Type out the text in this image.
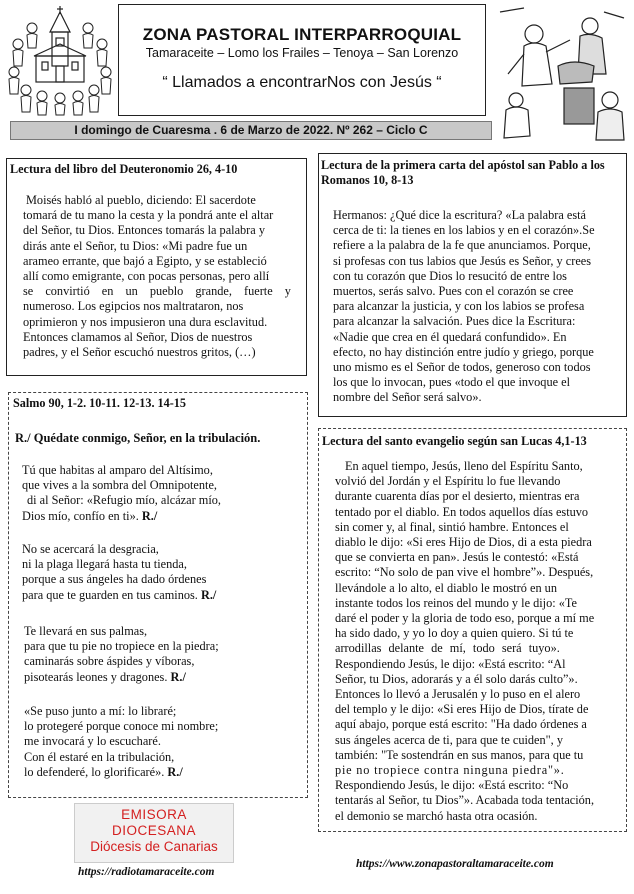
ZONA PASTORAL INTERPARROQUIAL
Tamaraceite – Lomo los Frailes – Tenoya – San Lorenzo
“ Llamados a encontrarNos con Jesús “
I domingo de Cuaresma . 6 de Marzo de 2022. Nº 262 – Ciclo C
Lectura del libro del Deuteronomio 26, 4-10
Moisés habló al pueblo, diciendo: El sacerdote
tomará de tu mano la cesta y la pondrá ante el altar
del Señor, tu Dios. Entonces tomarás la palabra y
dirás ante el Señor, tu Dios: «Mi padre fue un
arameo errante, que bajó a Egipto, y se estableció
allí como emigrante, con pocas personas, pero allí
se convirtió en un pueblo grande, fuerte y
numeroso. Los egipcios nos maltrataron, nos
oprimieron y nos impusieron una dura esclavitud.
Entonces clamamos al Señor, Dios de nuestros
padres, y el Señor escuchó nuestros gritos, (…)
Lectura de la primera carta del apóstol san Pablo a los
Romanos 10, 8-13
Hermanos: ¿Qué dice la escritura? «La palabra está
cerca de ti: la tienes en los labios y en el corazón».Se
refiere a la palabra de la fe que anunciamos. Porque,
si profesas con tus labios que Jesús es Señor, y crees
con tu corazón que Dios lo resucitó de entre los
muertos, serás salvo. Pues con el corazón se cree
para alcanzar la justicia, y con los labios se profesa
para alcanzar la salvación. Pues dice la Escritura:
«Nadie que crea en él quedará confundido». En
efecto, no hay distinción entre judío y griego, porque
uno mismo es el Señor de todos, generoso con todos
los que lo invocan, pues «todo el que invoque el
nombre del Señor será salvo».
Salmo 90, 1-2. 10-11. 12-13. 14-15
R./ Quédate conmigo, Señor, en la tribulación.

Tú que habitas al amparo del Altísimo,

que vives a la sombra del Omnipotente,

di al Señor: «Refugio mío, alcázar mío,

Dios mío, confío en ti». R./

No se acercará la desgracia,

ni la plaga llegará hasta tu tienda,

porque a sus ángeles ha dado órdenes

para que te guarden en tus caminos. R./

Te llevará en sus palmas,

para que tu pie no tropiece en la piedra;

caminarás sobre áspides y víboras,

pisotearás leones y dragones. R./

«Se puso junto a mí: lo libraré;

lo protegeré porque conoce mi nombre;

me invocará y lo escucharé.

Con él estaré en la tribulación,

lo defenderé, lo glorificaré». R./

Lectura del santo evangelio según san Lucas 4,1-13
En aquel tiempo, Jesús, lleno del Espíritu Santo,
volvió del Jordán y el Espíritu lo fue llevando
durante cuarenta días por el desierto, mientras era
tentado por el diablo. En todos aquellos días estuvo
sin comer y, al final, sintió hambre. Entonces el
diablo le dijo: «Si eres Hijo de Dios, di a esta piedra
que se convierta en pan». Jesús le contestó: «Está
escrito: “No solo de pan vive el hombre”». Después,
llevándole a lo alto, el diablo le mostró en un
instante todos los reinos del mundo y le dijo: «Te
daré el poder y la gloria de todo eso, porque a mí me
ha sido dado, y yo lo doy a quien quiero. Si tú te
arrodillas delante de mí, todo será tuyo».
Respondiendo Jesús, le dijo: «Está escrito: “Al
Señor, tu Dios, adorarás y a él solo darás culto”».
Entonces lo llevó a Jerusalén y lo puso en el alero
del templo y le dijo: «Si eres Hijo de Dios, tírate de
aquí abajo, porque está escrito: "Ha dado órdenes a
sus ángeles acerca de ti, para que te cuiden", y
también: "Te sostendrán en sus manos, para que tu
pie no tropiece contra ninguna piedra"».
Respondiendo Jesús, le dijo: «Está escrito: “No
tentarás al Señor, tu Dios”». Acabada toda tentación,
el demonio se marchó hasta otra ocasión.
EMISORA
DIOCESANA
Diócesis de Canarias
https://radiotamaraceite.com
https://www.zonapastoraltamaraceite.com
